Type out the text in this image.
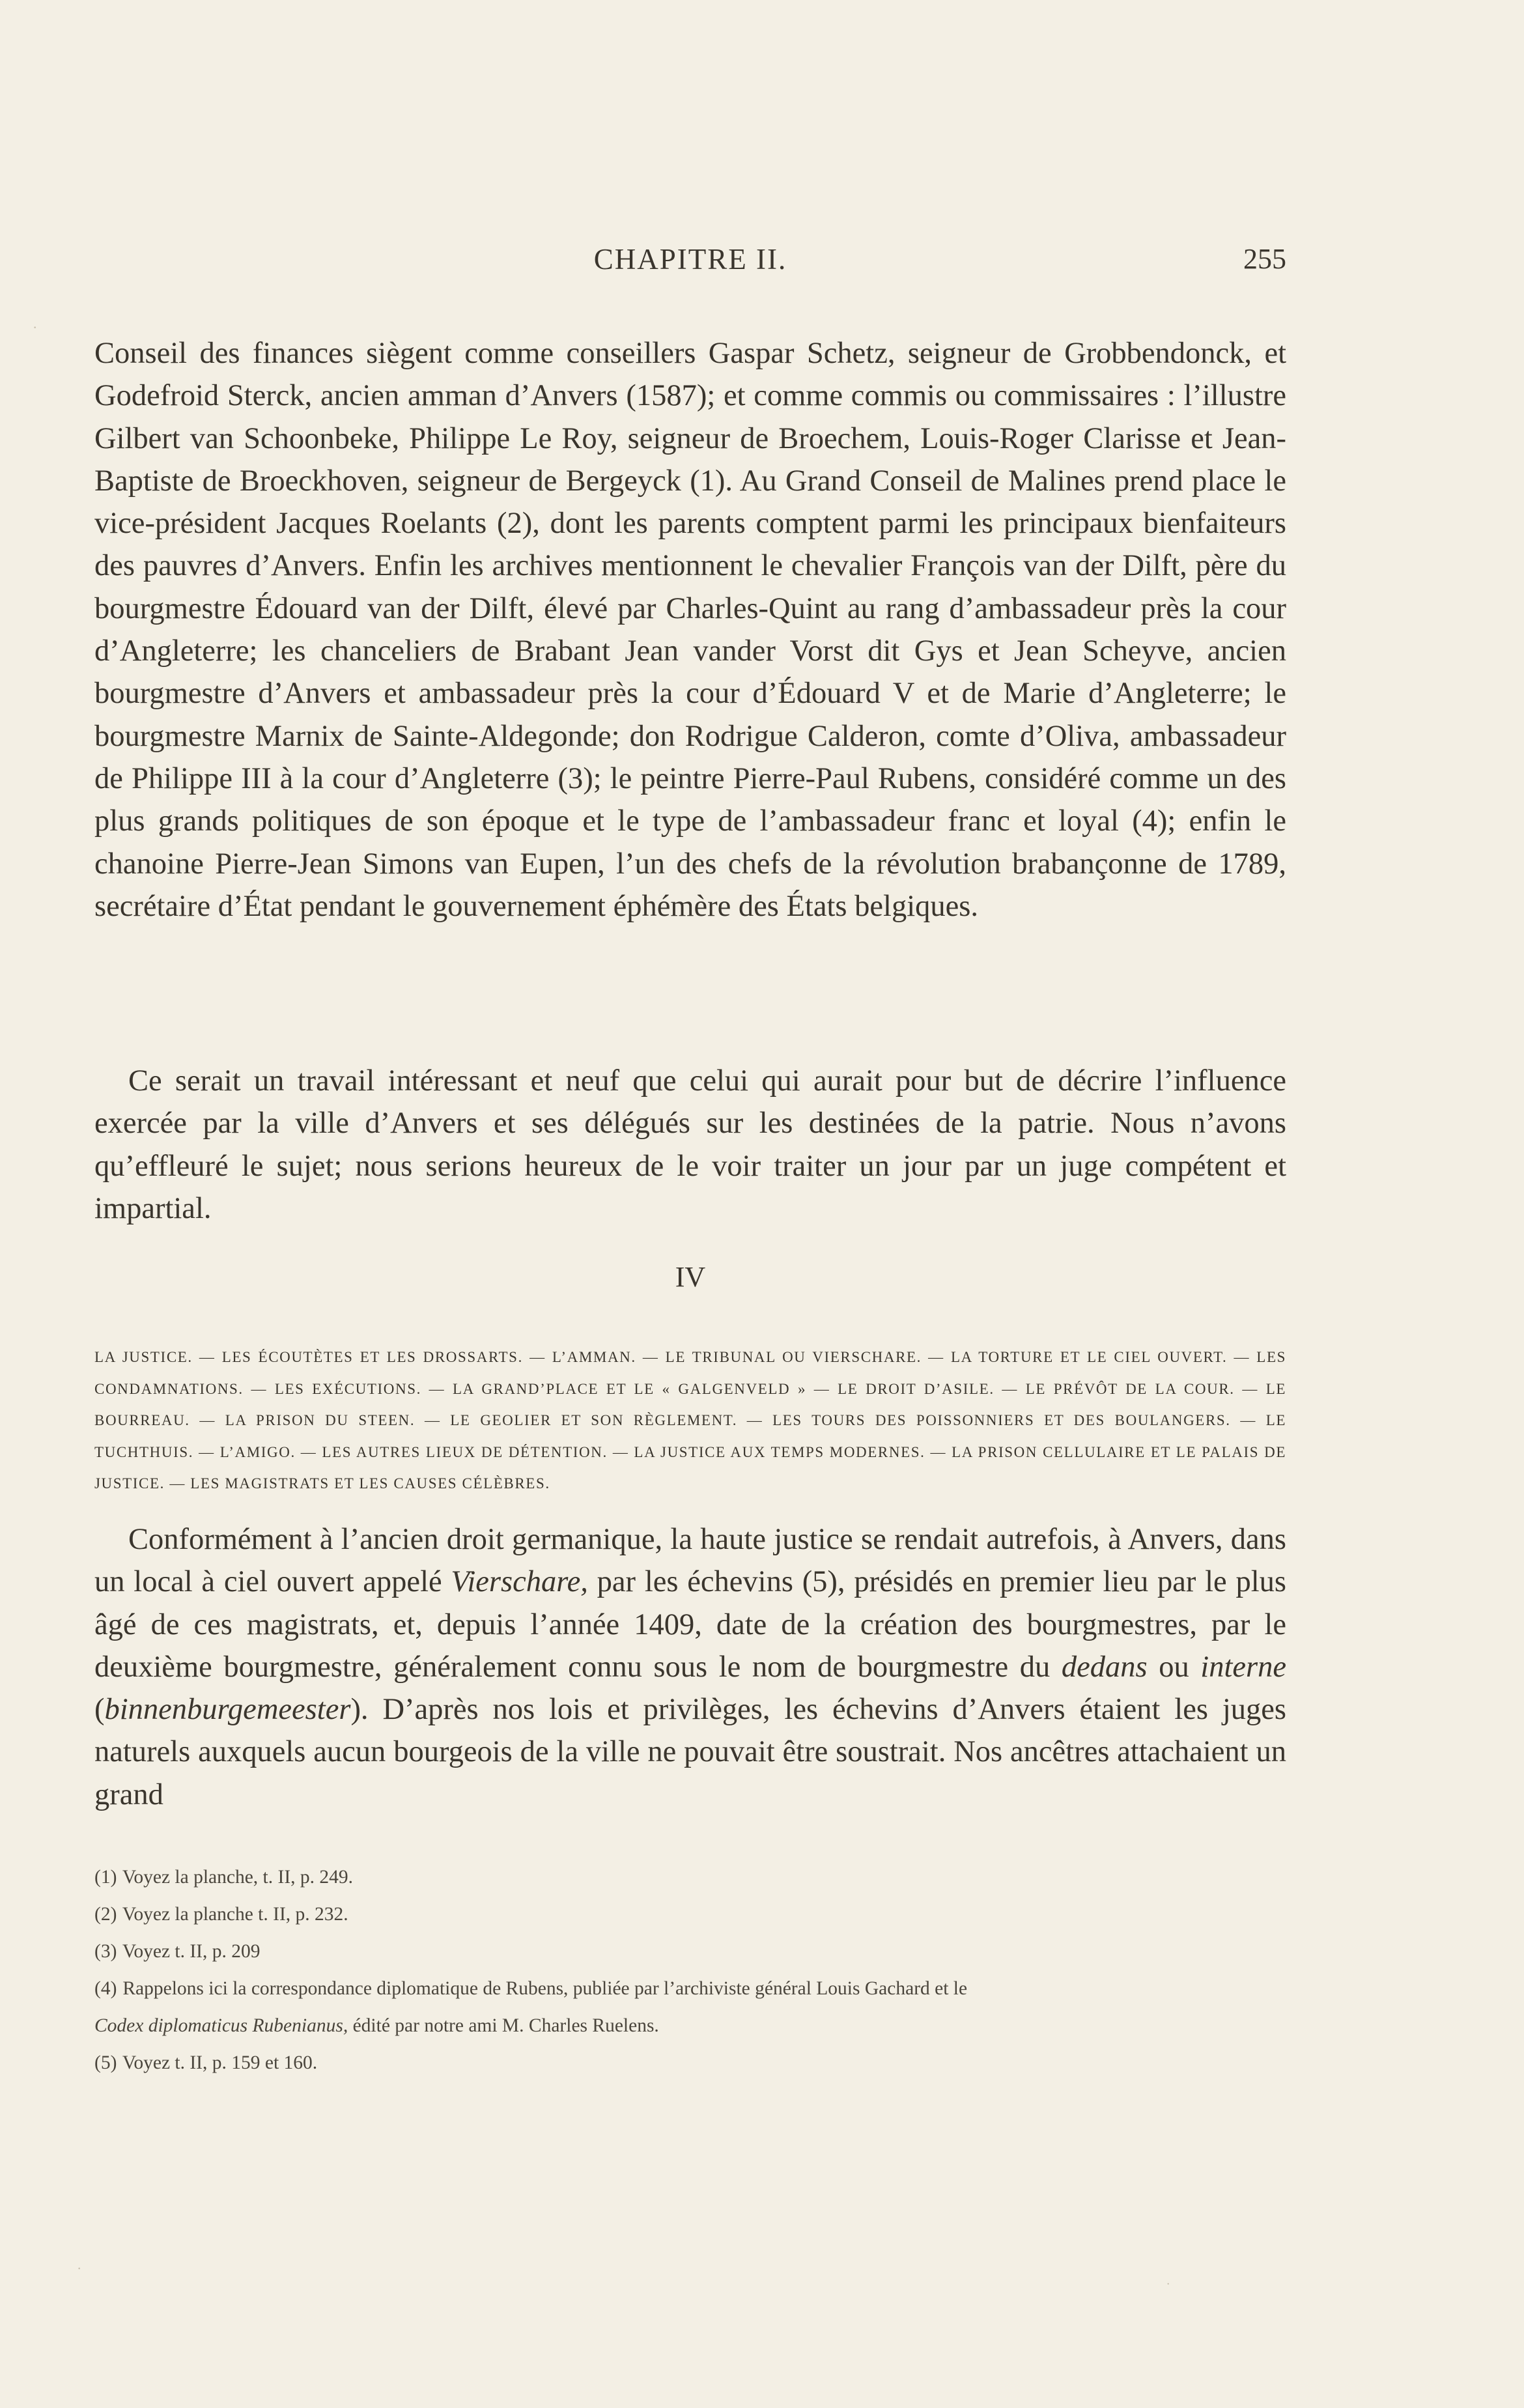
CHAPITRE II.	255

Conseil des finances siègent comme conseillers Gaspar Schetz, seigneur de Grobbendonck, et Godefroid Sterck, ancien amman d’Anvers (1587); et comme commis ou commissaires : l’illustre Gilbert van Schoonbeke, Philippe Le Roy, seigneur de Broechem, Louis-Roger Clarisse et Jean-Baptiste de Broeckhoven, seigneur de Bergeyck (1). Au Grand Conseil de Malines prend place le vice-président Jacques Roelants (2), dont les parents comptent parmi les principaux bienfaiteurs des pauvres d’Anvers. Enfin les archives mentionnent le chevalier François van der Dilft, père du bourgmestre Édouard van der Dilft, élevé par Charles-Quint au rang d’ambassadeur près la cour d’Angleterre; les chanceliers de Brabant Jean vander Vorst dit Gys et Jean Scheyve, ancien bourgmestre d’Anvers et ambassadeur près la cour d’Édouard V et de Marie d’Angleterre; le bourgmestre Marnix de Sainte-Aldegonde; don Rodrigue Calderon, comte d’Oliva, ambassadeur de Philippe III à la cour d’Angleterre (3); le peintre Pierre-Paul Rubens, considéré comme un des plus grands politiques de son époque et le type de l’ambassadeur franc et loyal (4); enfin le chanoine Pierre-Jean Simons van Eupen, l’un des chefs de la révolution brabançonne de 1789, secrétaire d’État pendant le gouvernement éphémère des États belgiques.

Ce serait un travail intéressant et neuf que celui qui aurait pour but de décrire l’influence exercée par la ville d’Anvers et ses délégués sur les destinées de la patrie. Nous n’avons qu’effleuré le sujet; nous serions heureux de le voir traiter un jour par un juge compétent et impartial.

IV
LA JUSTICE. — LES ÉCOUTÈTES ET LES DROSSARTS. — L’AMMAN. — LE TRIBUNAL OU VIERSCHARE. — LA TORTURE ET LE CIEL OUVERT. — LES CONDAMNATIONS. — LES EXÉCUTIONS. — LA GRAND’PLACE ET LE « GALGENVELD » — LE DROIT D’ASILE. — LE PRÉVÔT DE LA COUR. — LE BOURREAU. — LA PRISON DU STEEN. — LE GEOLIER ET SON RÈGLEMENT. — LES TOURS DES POISSONNIERS ET DES BOULANGERS. — LE TUCHTHUIS. — L’AMIGO. — LES AUTRES LIEUX DE DÉTENTION. — LA JUSTICE AUX TEMPS MODERNES. — LA PRISON CELLULAIRE ET LE PALAIS DE JUSTICE. — LES MAGISTRATS ET LES CAUSES CÉLÈBRES.

Conformément à l’ancien droit germanique, la haute justice se rendait autrefois, à Anvers, dans un local à ciel ouvert appelé Vierschare, par les échevins (5), présidés en premier lieu par le plus âgé de ces magistrats, et, depuis l’année 1409, date de la création des bourgmestres, par le deuxième bourgmestre, généralement connu sous le nom de bourgmestre du dedans ou interne (binnenburgemeester). D’après nos lois et privilèges, les échevins d’Anvers étaient les juges naturels auxquels aucun bourgeois de la ville ne pouvait être soustrait. Nos ancêtres attachaient un grand

(1) Voyez la planche, t. II, p. 249.

(2) Voyez la planche t. II, p. 232.

(3) Voyez t. II, p. 209

(4) Rappelons ici la correspondance diplomatique de Rubens, publiée par l’archiviste général Louis Gachard et le
Codex diplomaticus Rubenianus, édité par notre ami M. Charles Ruelens.

(5) Voyez t. II, p. 159 et 160.

·
·
˙
